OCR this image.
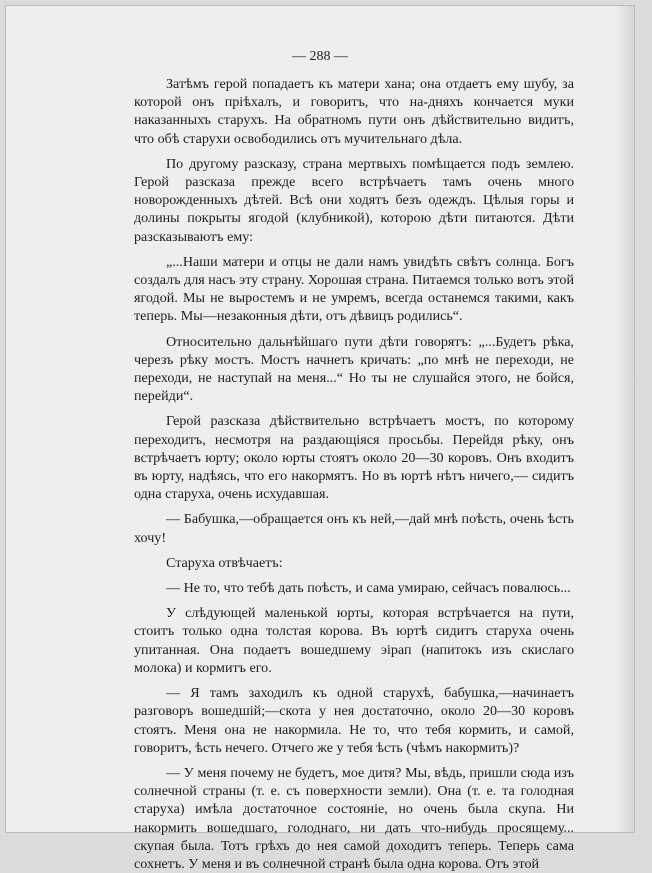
— 288 —

Затѣмъ герой попадаетъ къ матери хана; она отдаетъ ему шубу, за которой онъ пріѣхалъ, и говоритъ, что на-дняхъ кончается муки наказанныхъ старухъ. На обратномъ пути онъ дѣйствительно видитъ, что обѣ старухи освободились отъ мучительнаго дѣла.

По другому разсказу, страна мертвыхъ помѣщается подъ землею. Герой разсказа прежде всего встрѣчаетъ тамъ очень много новорожденныхъ дѣтей. Всѣ они ходятъ безъ одеждъ. Цѣлыя горы и долины покрыты ягодой (клубникой), которою дѣти питаются. Дѣти разсказываютъ ему:

„...Наши матери и отцы не дали намъ увидѣть свѣтъ солнца. Богъ создалъ для насъ эту страну. Хорошая страна. Питаемся только вотъ этой ягодой. Мы не выростемъ и не умремъ, всегда останемся такими, какъ теперь. Мы—незаконныя дѣти, отъ дѣвицъ родились“.

Относительно дальнѣйшаго пути дѣти говорятъ: „...Будетъ рѣка, черезъ рѣку мостъ. Мостъ начнетъ кричать: „по мнѣ не переходи, не переходи, не наступай на меня...“ Но ты не слушайся этого, не бойся, перейди“.

Герой разсказа дѣйствительно встрѣчаетъ мостъ, по которому переходитъ, несмотря на раздающіяся просьбы. Перейдя рѣку, онъ встрѣчаетъ юрту; около юрты стоятъ около 20—30 коровъ. Онъ входитъ въ юрту, надѣясь, что его накормятъ. Но въ юртѣ нѣтъ ничего,— сидитъ одна старуха, очень исхудавшая.

— Бабушка,—обращается онъ къ ней,—дай мнѣ поѣсть, очень ѣсть хочу!

Старуха отвѣчаетъ:

— Не то, что тебѣ дать поѣсть, и сама умираю, сейчасъ повалюсь...

У слѣдующей маленькой юрты, которая встрѣчается на пути, стоитъ только одна толстая корова. Въ юртѣ сидитъ старуха очень упитанная. Она подаетъ вошедшему эірап (напитокъ изъ скислаго молока) и кормитъ его.

— Я тамъ заходилъ къ одной старухѣ, бабушка,—начинаетъ разговоръ вошедшій;—скота у нея достаточно, около 20—30 коровъ стоятъ. Меня она не накормила. Не то, что тебя кормить, и самой, говоритъ, ѣсть нечего. Отчего же у тебя ѣсть (чѣмъ накормить)?

— У меня почему не будетъ, мое дитя? Мы, вѣдь, пришли сюда изъ солнечной страны (т. е. съ поверхности земли). Она (т. е. та голодная старуха) имѣла достаточное состояніе, но очень была скупа. Ни накормить вошедшаго, голоднаго, ни дать что-нибудь просящему... скупая была. Тотъ грѣхъ до нея самой доходитъ теперь. Теперь сама сохнетъ. У меня и въ солнечной странѣ была одна корова. Отъ этой
